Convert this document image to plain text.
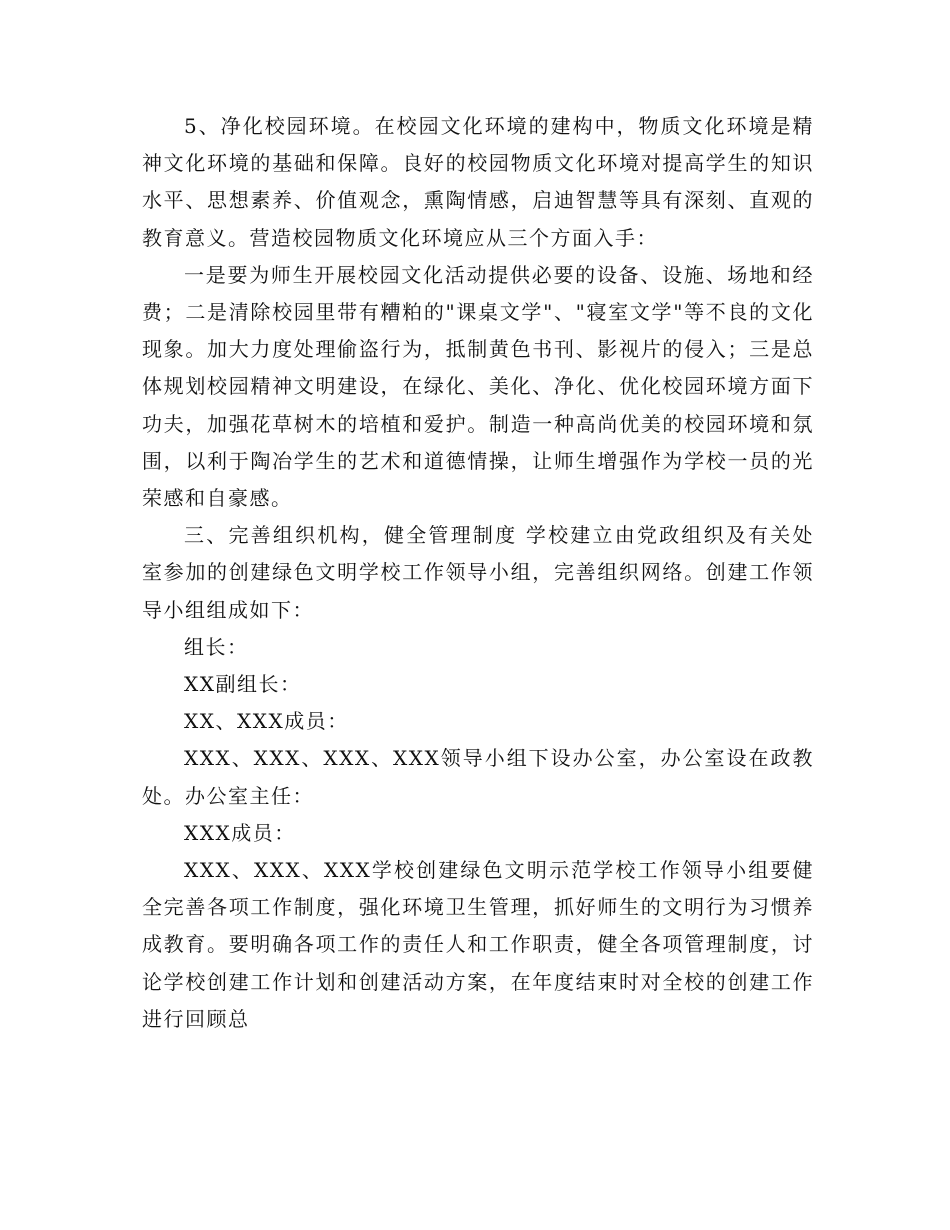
5、净化校园环境。在校园文化环境的建构中，物质文化环境是精神文化环境的基础和保障。良好的校园物质文化环境对提高学生的知识水平、思想素养、价值观念，熏陶情感，启迪智慧等具有深刻、直观的教育意义。营造校园物质文化环境应从三个方面入手：

一是要为师生开展校园文化活动提供必要的设备、设施、场地和经费；二是清除校园里带有糟粕的"课桌文学"、"寝室文学"等不良的文化现象。加大力度处理偷盗行为，抵制黄色书刊、影视片的侵入；三是总体规划校园精神文明建设，在绿化、美化、净化、优化校园环境方面下功夫，加强花草树木的培植和爱护。制造一种高尚优美的校园环境和氛围，以利于陶冶学生的艺术和道德情操，让师生增强作为学校一员的光荣感和自豪感。

三、完善组织机构，健全管理制度 学校建立由党政组织及有关处室参加的创建绿色文明学校工作领导小组，完善组织网络。创建工作领导小组组成如下：

组长：

XX副组长：

XX、XXX成员：

XXX、XXX、XXX、XXX领导小组下设办公室，办公室设在政教处。办公室主任：

XXX成员：

XXX、XXX、XXX学校创建绿色文明示范学校工作领导小组要健全完善各项工作制度，强化环境卫生管理，抓好师生的文明行为习惯养成教育。要明确各项工作的责任人和工作职责，健全各项管理制度，讨论学校创建工作计划和创建活动方案，在年度结束时对全校的创建工作进行回顾总
